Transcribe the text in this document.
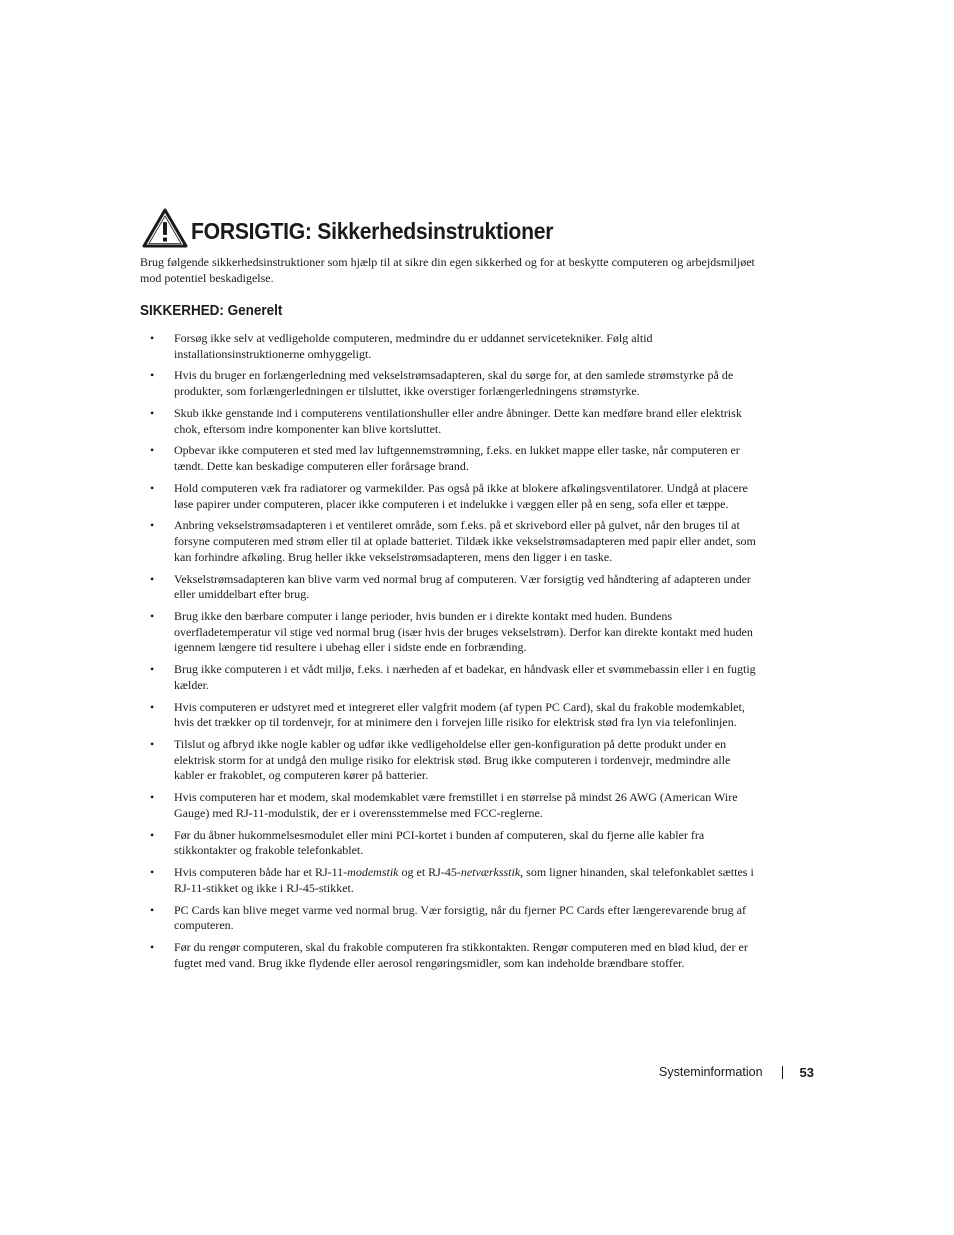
FORSIGTIG: Sikkerhedsinstruktioner

Brug følgende sikkerhedsinstruktioner som hjælp til at sikre din egen sikkerhed og for at beskytte computeren og arbejdsmiljøet mod potentiel beskadigelse.

SIKKERHED: Generelt
• Forsøg ikke selv at vedligeholde computeren, medmindre du er uddannet servicetekniker. Følg altid installationsinstruktionerne omhyggeligt.
• Hvis du bruger en forlængerledning med vekselstrømsadapteren, skal du sørge for, at den samlede strømstyrke på de produkter, som forlængerledningen er tilsluttet, ikke overstiger forlængerledningens strømstyrke.
• Skub ikke genstande ind i computerens ventilationshuller eller andre åbninger. Dette kan medføre brand eller elektrisk chok, eftersom indre komponenter kan blive kortsluttet.
• Opbevar ikke computeren et sted med lav luftgennemstrømning, f.eks. en lukket mappe eller taske, når computeren er tændt. Dette kan beskadige computeren eller forårsage brand.
• Hold computeren væk fra radiatorer og varmekilder. Pas også på ikke at blokere afkølingsventilatorer. Undgå at placere løse papirer under computeren, placer ikke computeren i et indelukke i væggen eller på en seng, sofa eller et tæppe.
• Anbring vekselstrømsadapteren i et ventileret område, som f.eks. på et skrivebord eller på gulvet, når den bruges til at forsyne computeren med strøm eller til at oplade batteriet. Tildæk ikke vekselstrømsadapteren med papir eller andet, som kan forhindre afkøling. Brug heller ikke vekselstrømsadapteren, mens den ligger i en taske.
• Vekselstrømsadapteren kan blive varm ved normal brug af computeren. Vær forsigtig ved håndtering af adapteren under eller umiddelbart efter brug.
• Brug ikke den bærbare computer i lange perioder, hvis bunden er i direkte kontakt med huden. Bundens overfladetemperatur vil stige ved normal brug (især hvis der bruges vekselstrøm). Derfor kan direkte kontakt med huden igennem længere tid resultere i ubehag eller i sidste ende en forbrænding.
• Brug ikke computeren i et vådt miljø, f.eks. i nærheden af et badekar, en håndvask eller et svømmebassin eller i en fugtig kælder.
• Hvis computeren er udstyret med et integreret eller valgfrit modem (af typen PC Card), skal du frakoble modemkablet, hvis det trækker op til tordenvejr, for at minimere den i forvejen lille risiko for elektrisk stød fra lyn via telefonlinjen.
• Tilslut og afbryd ikke nogle kabler og udfør ikke vedligeholdelse eller gen-konfiguration på dette produkt under en elektrisk storm for at undgå den mulige risiko for elektrisk stød. Brug ikke computeren i tordenvejr, medmindre alle kabler er frakoblet, og computeren kører på batterier.
• Hvis computeren har et modem, skal modemkablet være fremstillet i en størrelse på mindst 26 AWG (American Wire Gauge) med RJ-11-modulstik, der er i overensstemmelse med FCC-reglerne.
• Før du åbner hukommelsesmodulet eller mini PCI-kortet i bunden af computeren, skal du fjerne alle kabler fra stikkontakter og frakoble telefonkablet.
• Hvis computeren både har et RJ-11-modemstik og et RJ-45-netværksstik, som ligner hinanden, skal telefonkablet sættes i RJ-11-stikket og ikke i RJ-45-stikket.
• PC Cards kan blive meget varme ved normal brug. Vær forsigtig, når du fjerner PC Cards efter længerevarende brug af computeren.
• Før du rengør computeren, skal du frakoble computeren fra stikkontakten. Rengør computeren med en blød klud, der er fugtet med vand. Brug ikke flydende eller aerosol rengøringsmidler, som kan indeholde brændbare stoffer.
Systeminformation	53
